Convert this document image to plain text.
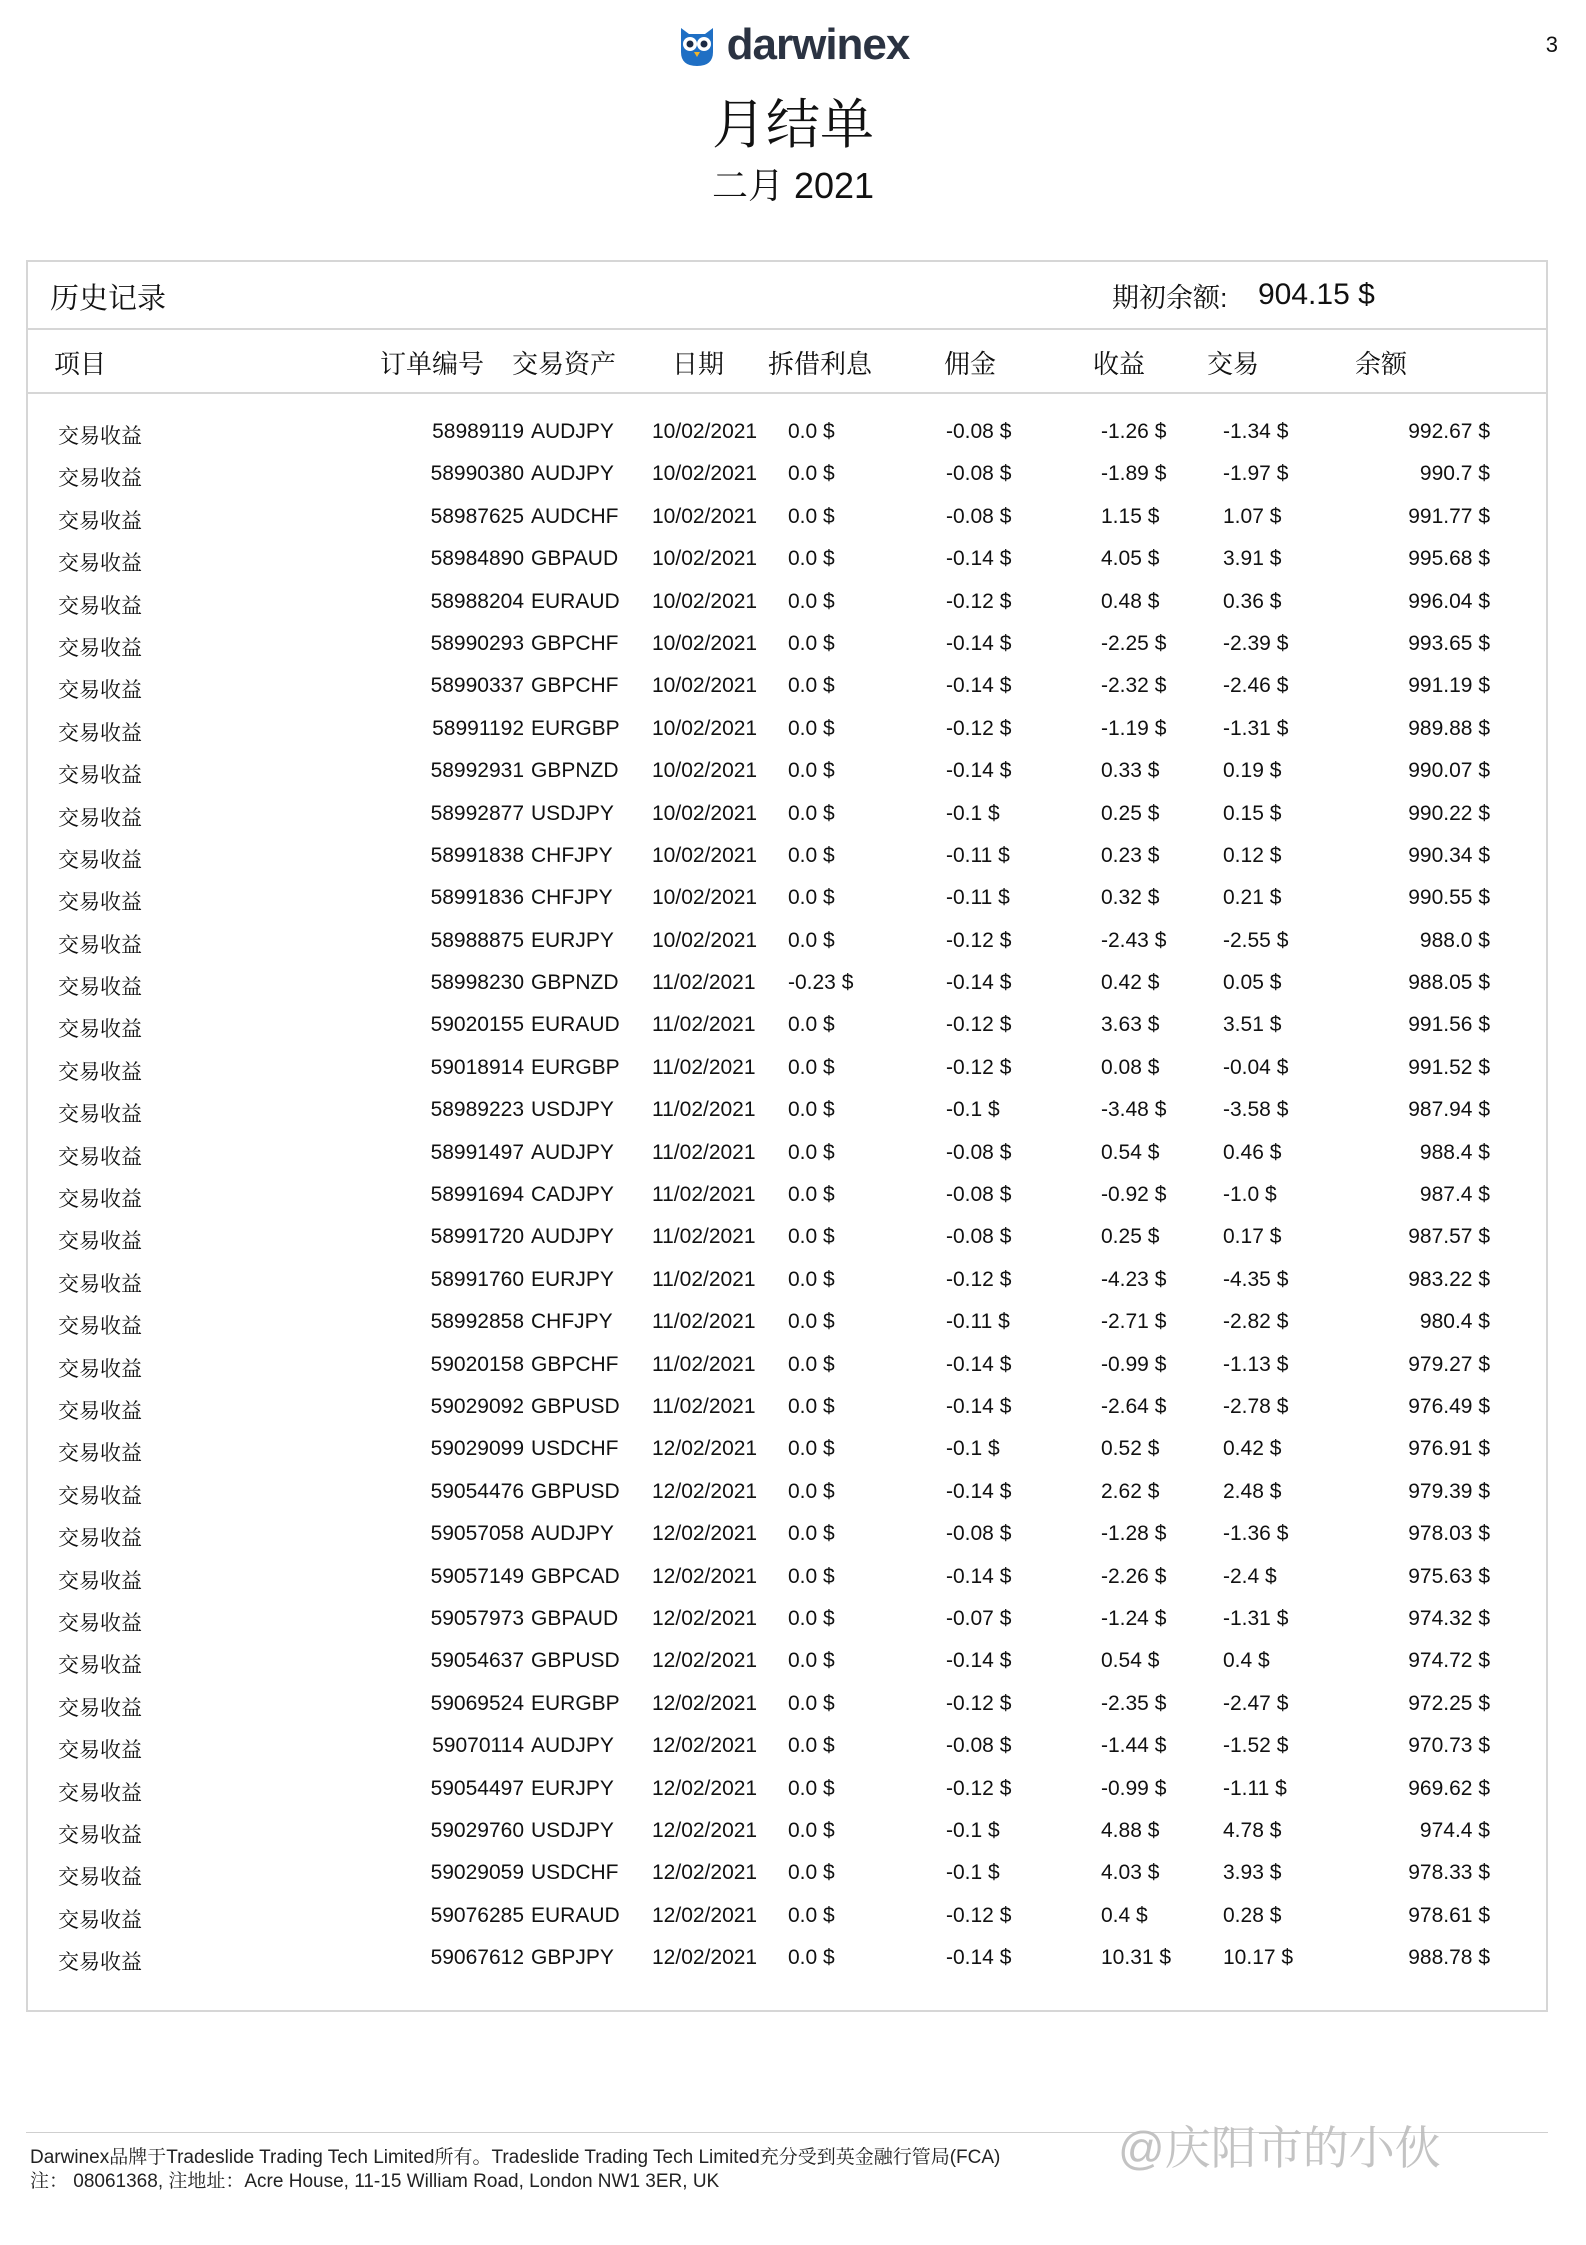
3
darwinex
月结单
二月 2021
历史记录	期初余额: 904.15 $
项目	订单编号 交易资产 日期 拆借利息	佣金	收益 交易	余额
交易收益	58989119 AUDJPY 10/02/2021 0.0 $	-0.08 $	-1.26 $	-1.34 $	992.67 $
交易收益	58990380 AUDJPY 10/02/2021 0.0 $	-0.08 $	-1.89 $	-1.97 $	990.7 $
交易收益	58987625 AUDCHF 10/02/2021 0.0 $	-0.08 $	1.15 $	1.07 $	991.77 $
交易收益	58984890 GBPAUD 10/02/2021 0.0 $	-0.14 $	4.05 $	3.91 $	995.68 $
交易收益	58988204 EURAUD 10/02/2021 0.0 $	-0.12 $	0.48 $	0.36 $	996.04 $
交易收益	58990293 GBPCHF 10/02/2021 0.0 $	-0.14 $	-2.25 $	-2.39 $	993.65 $
交易收益	58990337 GBPCHF 10/02/2021 0.0 $	-0.14 $	-2.32 $	-2.46 $	991.19 $
交易收益	58991192 EURGBP 10/02/2021 0.0 $	-0.12 $	-1.19 $	-1.31 $	989.88 $
交易收益	58992931 GBPNZD 10/02/2021 0.0 $	-0.14 $	0.33 $	0.19 $	990.07 $
交易收益	58992877 USDJPY 10/02/2021 0.0 $	-0.1 $	0.25 $	0.15 $	990.22 $
交易收益	58991838 CHFJPY 10/02/2021 0.0 $	-0.11 $	0.23 $	0.12 $	990.34 $
交易收益	58991836 CHFJPY 10/02/2021 0.0 $	-0.11 $	0.32 $	0.21 $	990.55 $
交易收益	58988875 EURJPY 10/02/2021 0.0 $	-0.12 $	-2.43 $	-2.55 $	988.0 $
交易收益	58998230 GBPNZD 11/02/2021 -0.23 $	-0.14 $	0.42 $	0.05 $	988.05 $
交易收益	59020155 EURAUD 11/02/2021 0.0 $	-0.12 $	3.63 $	3.51 $	991.56 $
交易收益	59018914 EURGBP 11/02/2021 0.0 $	-0.12 $	0.08 $	-0.04 $	991.52 $
交易收益	58989223 USDJPY 11/02/2021 0.0 $	-0.1 $	-3.48 $	-3.58 $	987.94 $
交易收益	58991497 AUDJPY 11/02/2021 0.0 $	-0.08 $	0.54 $	0.46 $	988.4 $
交易收益	58991694 CADJPY 11/02/2021 0.0 $	-0.08 $	-0.92 $	-1.0 $	987.4 $
交易收益	58991720 AUDJPY 11/02/2021 0.0 $	-0.08 $	0.25 $	0.17 $	987.57 $
交易收益	58991760 EURJPY 11/02/2021 0.0 $	-0.12 $	-4.23 $	-4.35 $	983.22 $
交易收益	58992858 CHFJPY 11/02/2021 0.0 $	-0.11 $	-2.71 $	-2.82 $	980.4 $
交易收益	59020158 GBPCHF 11/02/2021 0.0 $	-0.14 $	-0.99 $	-1.13 $	979.27 $
交易收益	59029092 GBPUSD 11/02/2021 0.0 $	-0.14 $	-2.64 $	-2.78 $	976.49 $
交易收益	59029099 USDCHF 12/02/2021 0.0 $	-0.1 $	0.52 $	0.42 $	976.91 $
交易收益	59054476 GBPUSD 12/02/2021 0.0 $	-0.14 $	2.62 $	2.48 $	979.39 $
交易收益	59057058 AUDJPY 12/02/2021 0.0 $	-0.08 $	-1.28 $	-1.36 $	978.03 $
交易收益	59057149 GBPCAD 12/02/2021 0.0 $	-0.14 $	-2.26 $	-2.4 $	975.63 $
交易收益	59057973 GBPAUD 12/02/2021 0.0 $	-0.07 $	-1.24 $	-1.31 $	974.32 $
交易收益	59054637 GBPUSD 12/02/2021 0.0 $	-0.14 $	0.54 $	0.4 $	974.72 $
交易收益	59069524 EURGBP 12/02/2021 0.0 $	-0.12 $	-2.35 $	-2.47 $	972.25 $
交易收益	59070114 AUDJPY 12/02/2021 0.0 $	-0.08 $	-1.44 $	-1.52 $	970.73 $
交易收益	59054497 EURJPY 12/02/2021 0.0 $	-0.12 $	-0.99 $	-1.11 $	969.62 $
交易收益	59029760 USDJPY 12/02/2021 0.0 $	-0.1 $	4.88 $	4.78 $	974.4 $
交易收益	59029059 USDCHF 12/02/2021 0.0 $	-0.1 $	4.03 $	3.93 $	978.33 $
交易收益	59076285 EURAUD 12/02/2021 0.0 $	-0.12 $	0.4 $	0.28 $	978.61 $
交易收益	59067612 GBPJPY 12/02/2021 0.0 $	-0.14 $	10.31 $ 10.17 $	988.78 $
Darwinex品牌于Tradeslide Trading Tech Limited所有。Tradeslide Trading Tech Limited充分受到英金融行管局(FCA)
注： 08061368, 注地址：Acre House, 11-15 William Road, London NW1 3ER, UK
@庆阳市的小伙
